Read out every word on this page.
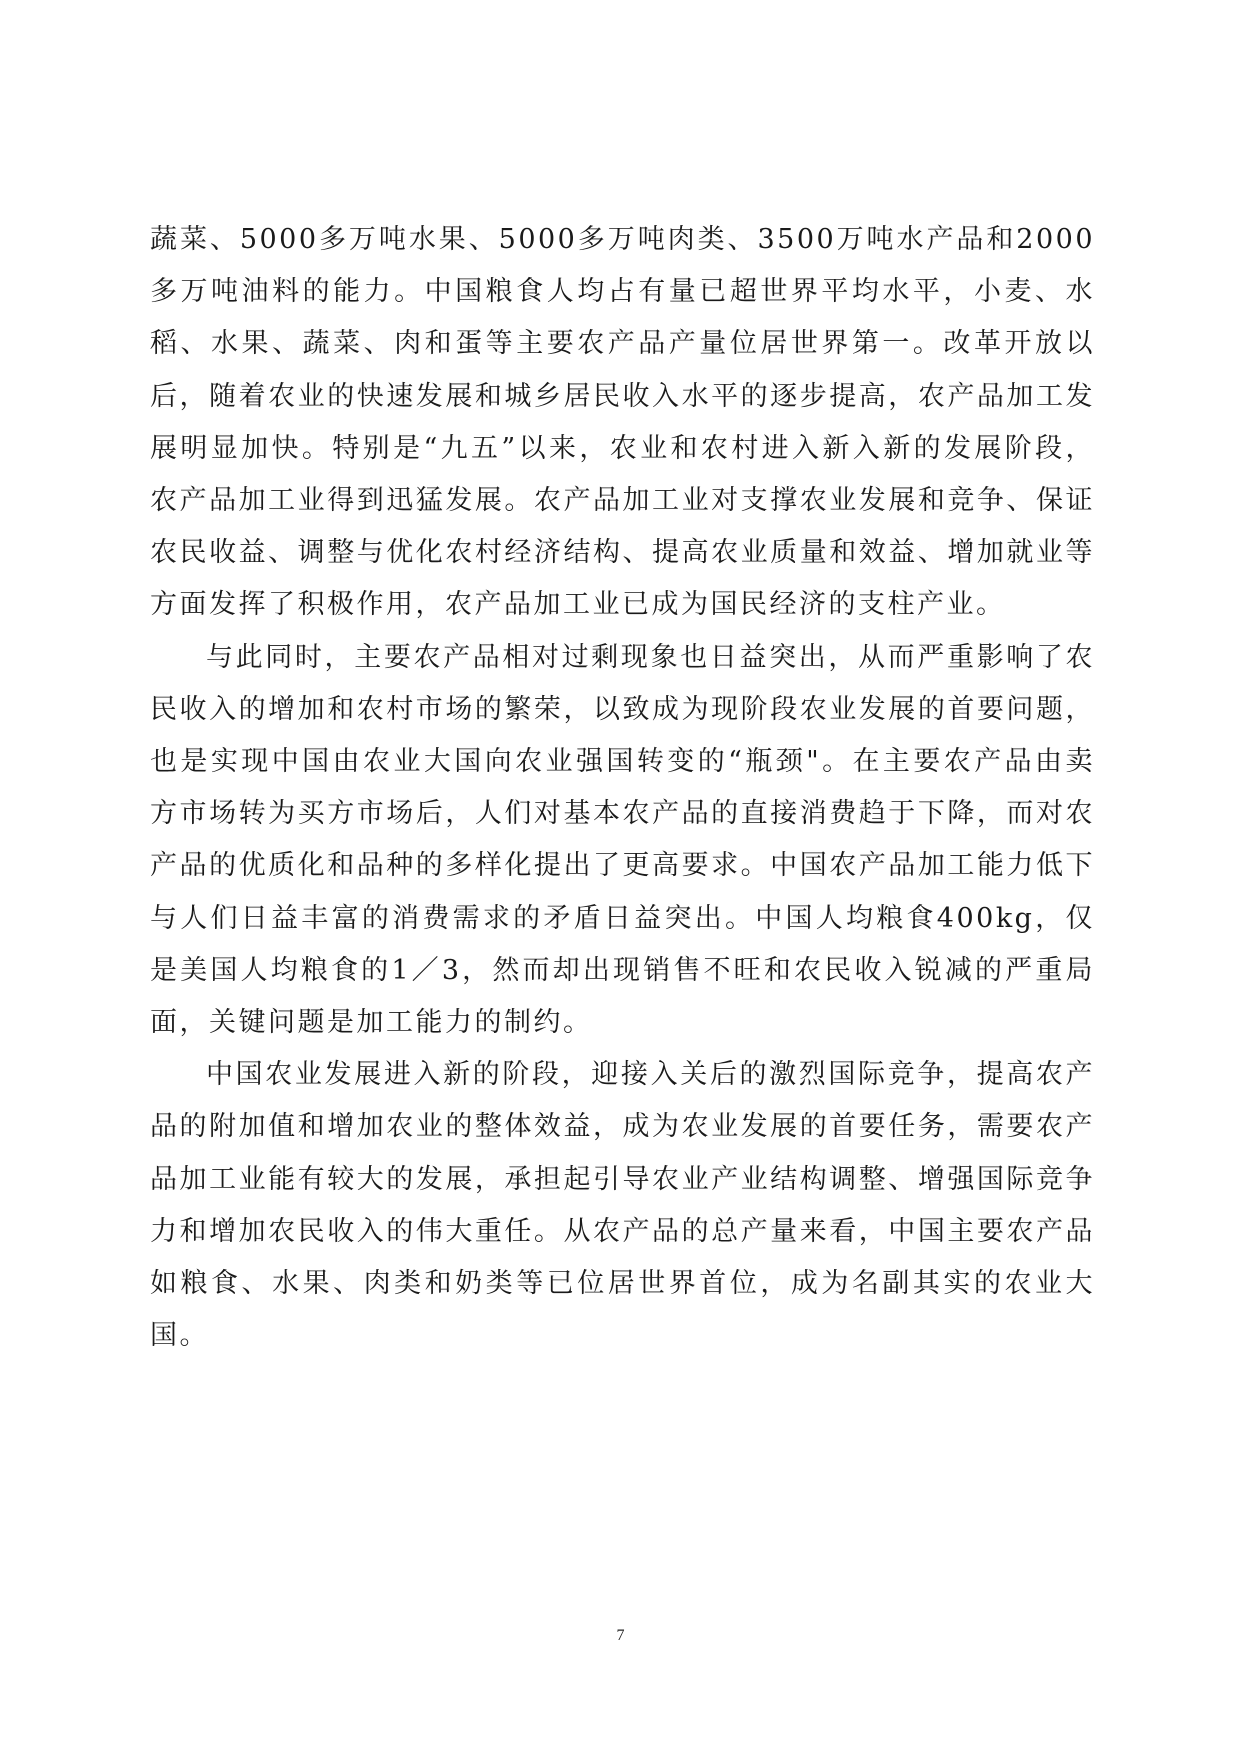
蔬菜、5000多万吨水果、5000多万吨肉类、3500万吨水产品和2000多万吨油料的能力。中国粮食人均占有量已超世界平均水平，小麦、水稻、水果、蔬菜、肉和蛋等主要农产品产量位居世界第一。改革开放以后，随着农业的快速发展和城乡居民收入水平的逐步提高，农产品加工发展明显加快。特别是“九五”以来，农业和农村进入新入新的发展阶段，农产品加工业得到迅猛发展。农产品加工业对支撑农业发展和竞争、保证农民收益、调整与优化农村经济结构、提高农业质量和效益、增加就业等方面发挥了积极作用，农产品加工业已成为国民经济的支柱产业。

与此同时，主要农产品相对过剩现象也日益突出，从而严重影响了农民收入的增加和农村市场的繁荣，以致成为现阶段农业发展的首要问题，也是实现中国由农业大国向农业强国转变的“瓶颈"。在主要农产品由卖方市场转为买方市场后，人们对基本农产品的直接消费趋于下降，而对农产品的优质化和品种的多样化提出了更高要求。中国农产品加工能力低下与人们日益丰富的消费需求的矛盾日益突出。中国人均粮食400kg，仅是美国人均粮食的1／3，然而却出现销售不旺和农民收入锐减的严重局面，关键问题是加工能力的制约。

中国农业发展进入新的阶段，迎接入关后的激烈国际竞争，提高农产品的附加值和增加农业的整体效益，成为农业发展的首要任务，需要农产品加工业能有较大的发展，承担起引导农业产业结构调整、增强国际竞争力和增加农民收入的伟大重任。从农产品的总产量来看，中国主要农产品如粮食、水果、肉类和奶类等已位居世界首位，成为名副其实的农业大国。

7
